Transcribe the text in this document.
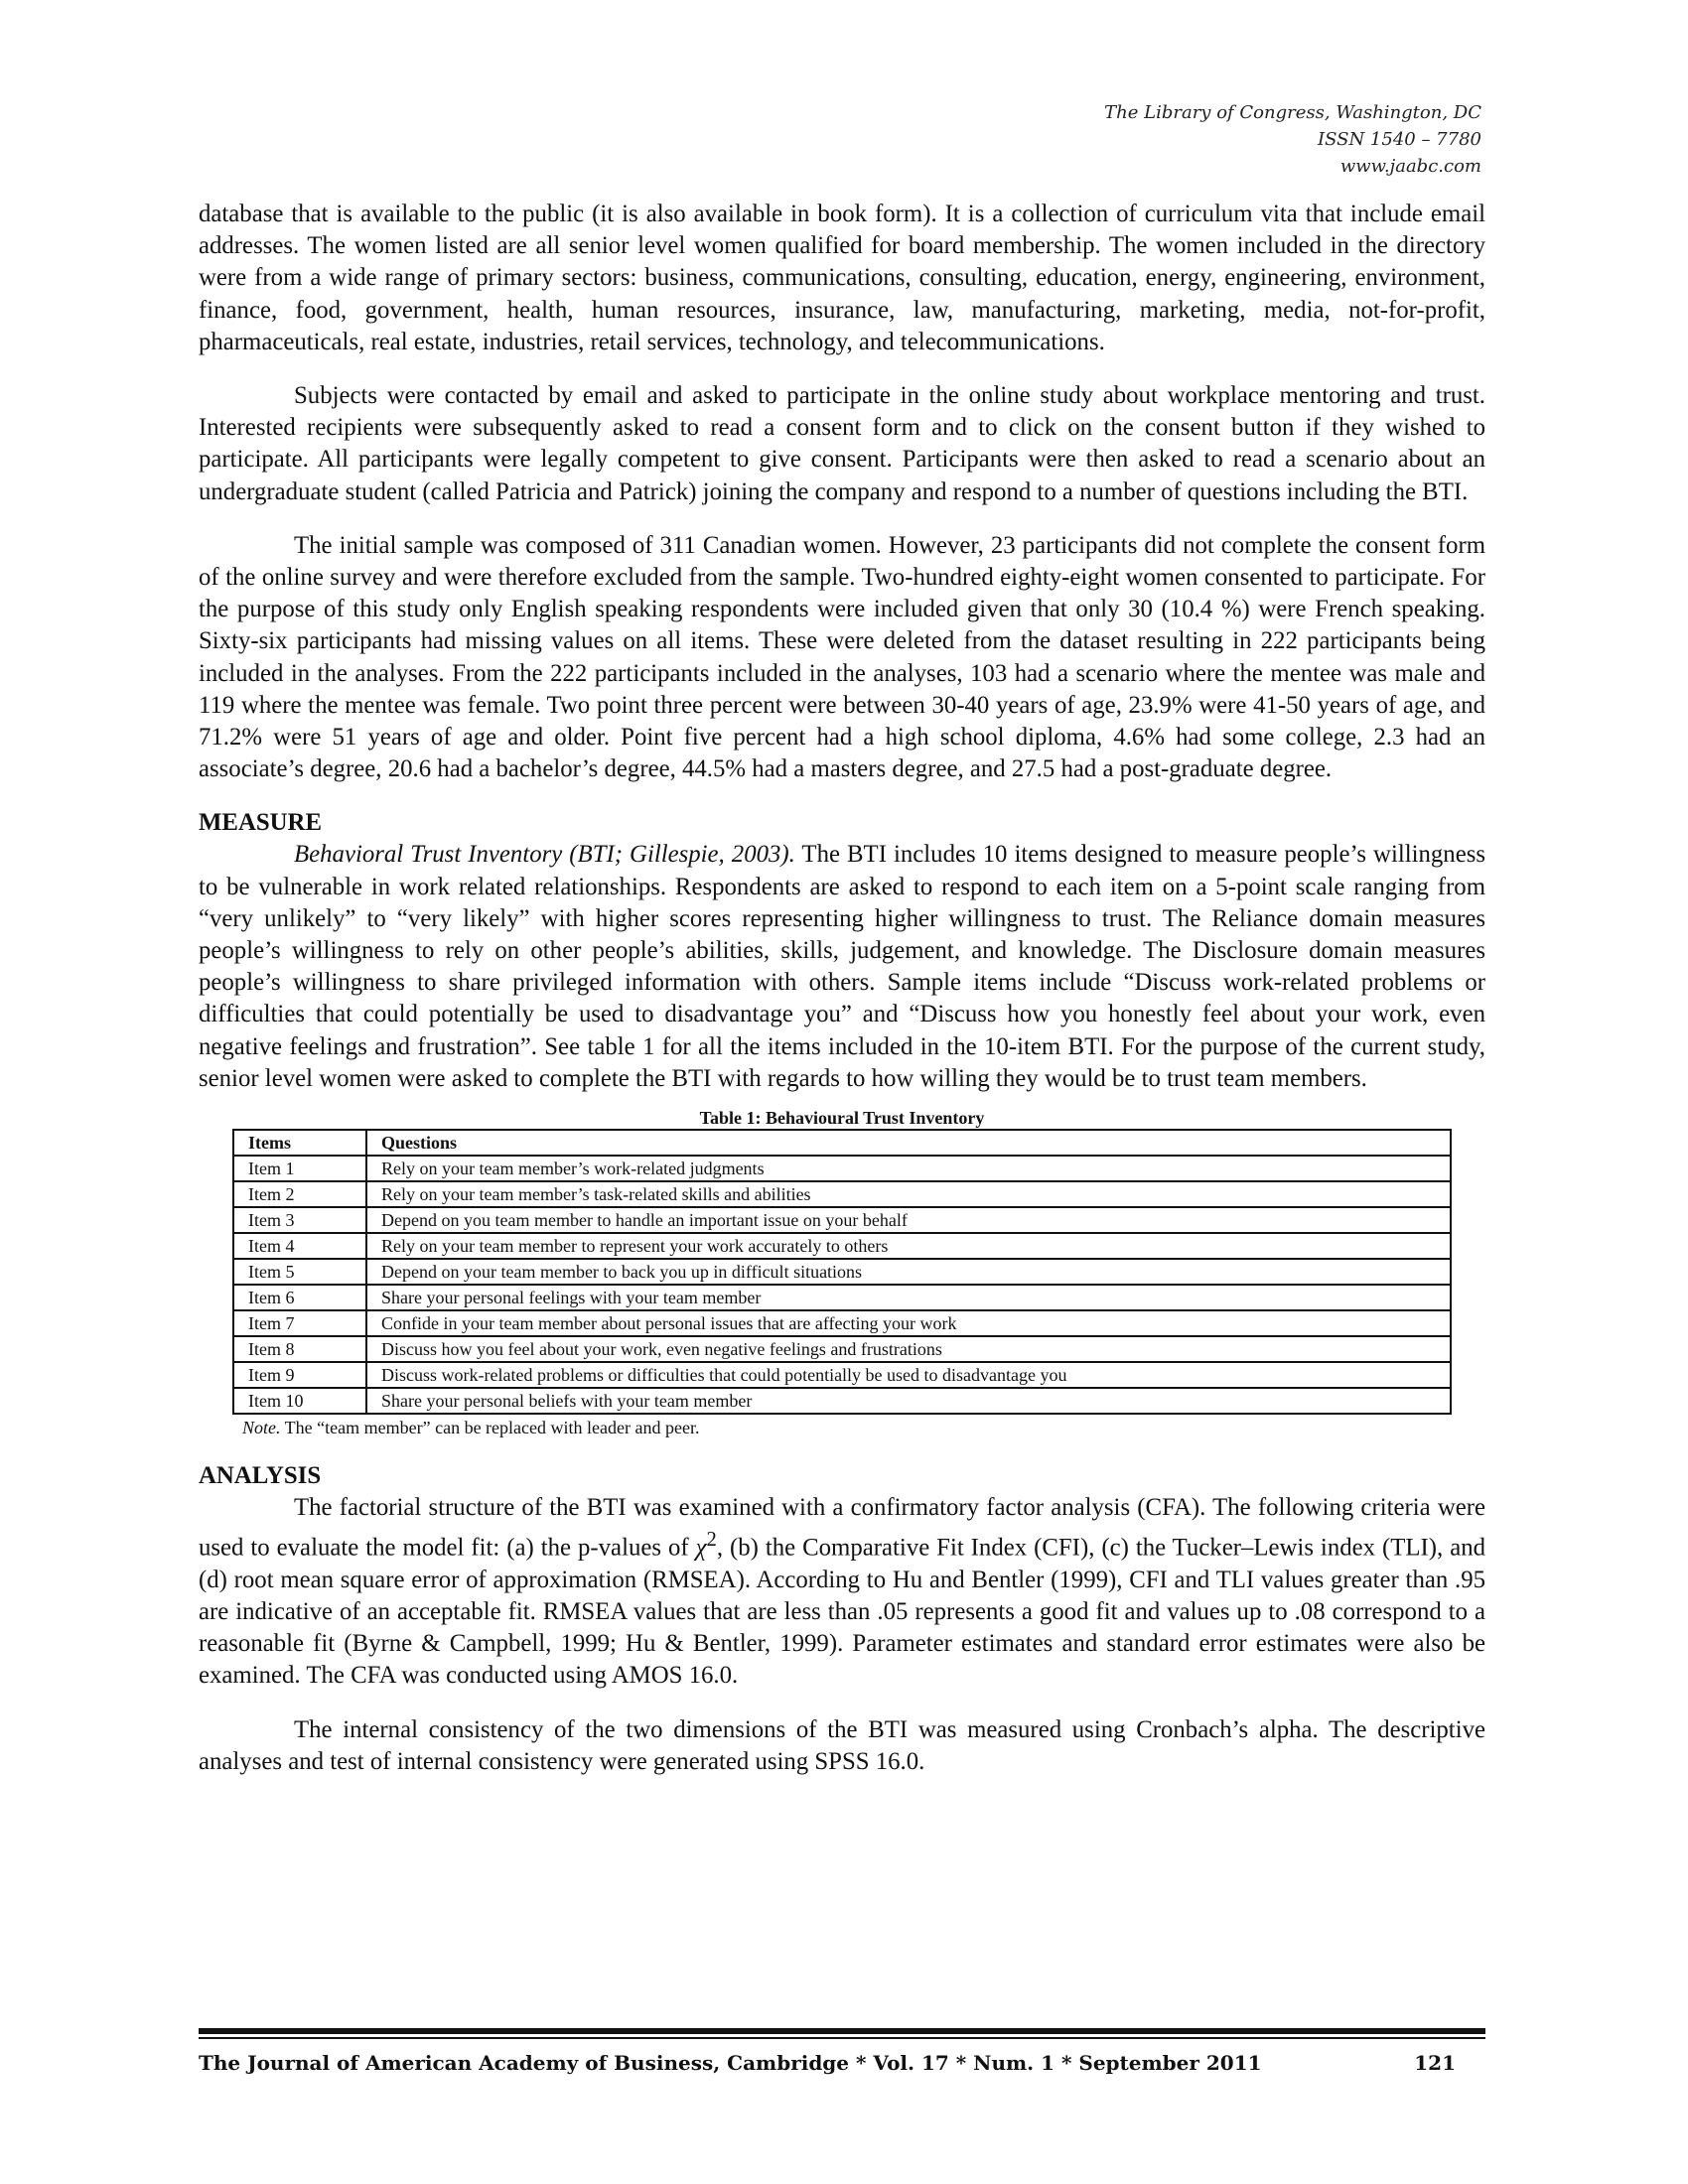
The Library of Congress, Washington, DC
ISSN 1540 – 7780
www.jaabc.com

database that is available to the public (it is also available in book form). It is a collection of curriculum vita that include email addresses. The women listed are all senior level women qualified for board membership. The women included in the directory were from a wide range of primary sectors: business, communications, consulting, education, energy, engineering, environment, finance, food, government, health, human resources, insurance, law, manufacturing, marketing, media, not-for-profit, pharmaceuticals, real estate, industries, retail services, technology, and telecommunications.

Subjects were contacted by email and asked to participate in the online study about workplace mentoring and trust. Interested recipients were subsequently asked to read a consent form and to click on the consent button if they wished to participate. All participants were legally competent to give consent. Participants were then asked to read a scenario about an undergraduate student (called Patricia and Patrick) joining the company and respond to a number of questions including the BTI.

The initial sample was composed of 311 Canadian women. However, 23 participants did not complete the consent form of the online survey and were therefore excluded from the sample. Two-hundred eighty-eight women consented to participate. For the purpose of this study only English speaking respondents were included given that only 30 (10.4 %) were French speaking. Sixty-six participants had missing values on all items. These were deleted from the dataset resulting in 222 participants being included in the analyses. From the 222 participants included in the analyses, 103 had a scenario where the mentee was male and 119 where the mentee was female. Two point three percent were between 30-40 years of age, 23.9% were 41-50 years of age, and 71.2% were 51 years of age and older. Point five percent had a high school diploma, 4.6% had some college, 2.3 had an associate’s degree, 20.6 had a bachelor’s degree, 44.5% had a masters degree, and 27.5 had a post-graduate degree.

MEASURE

Behavioral Trust Inventory (BTI; Gillespie, 2003). The BTI includes 10 items designed to measure people’s willingness to be vulnerable in work related relationships. Respondents are asked to respond to each item on a 5-point scale ranging from “very unlikely” to “very likely” with higher scores representing higher willingness to trust. The Reliance domain measures people’s willingness to rely on other people’s abilities, skills, judgement, and knowledge. The Disclosure domain measures people’s willingness to share privileged information with others. Sample items include “Discuss work-related problems or difficulties that could potentially be used to disadvantage you” and “Discuss how you honestly feel about your work, even negative feelings and frustration”. See table 1 for all the items included in the 10-item BTI. For the purpose of the current study, senior level women were asked to complete the BTI with regards to how willing they would be to trust team members.

Table 1: Behavioural Trust Inventory
Items	Questions
Item 1	Rely on your team member’s work-related judgments
Item 2	Rely on your team member’s task-related skills and abilities
Item 3	Depend on you team member to handle an important issue on your behalf
Item 4	Rely on your team member to represent your work accurately to others
Item 5	Depend on your team member to back you up in difficult situations
Item 6	Share your personal feelings with your team member
Item 7	Confide in your team member about personal issues that are affecting your work
Item 8	Discuss how you feel about your work, even negative feelings and frustrations
Item 9	Discuss work-related problems or difficulties that could potentially be used to disadvantage you
Item 10	Share your personal beliefs with your team member
Note. The “team member” can be replaced with leader and peer.
ANALYSIS

The factorial structure of the BTI was examined with a confirmatory factor analysis (CFA). The following criteria were used to evaluate the model fit: (a) the p-values of $\chi^2$, (b) the Comparative Fit Index (CFI), (c) the Tucker–Lewis index (TLI), and (d) root mean square error of approximation (RMSEA). According to Hu and Bentler (1999), CFI and TLI values greater than .95 are indicative of an acceptable fit. RMSEA values that are less than .05 represents a good fit and values up to .08 correspond to a reasonable fit (Byrne & Campbell, 1999; Hu & Bentler, 1999). Parameter estimates and standard error estimates were also be examined. The CFA was conducted using AMOS 16.0.

The internal consistency of the two dimensions of the BTI was measured using Cronbach’s alpha. The descriptive analyses and test of internal consistency were generated using SPSS 16.0.

The Journal of American Academy of Business, Cambridge * Vol. 17 * Num. 1 * September 2011	121
